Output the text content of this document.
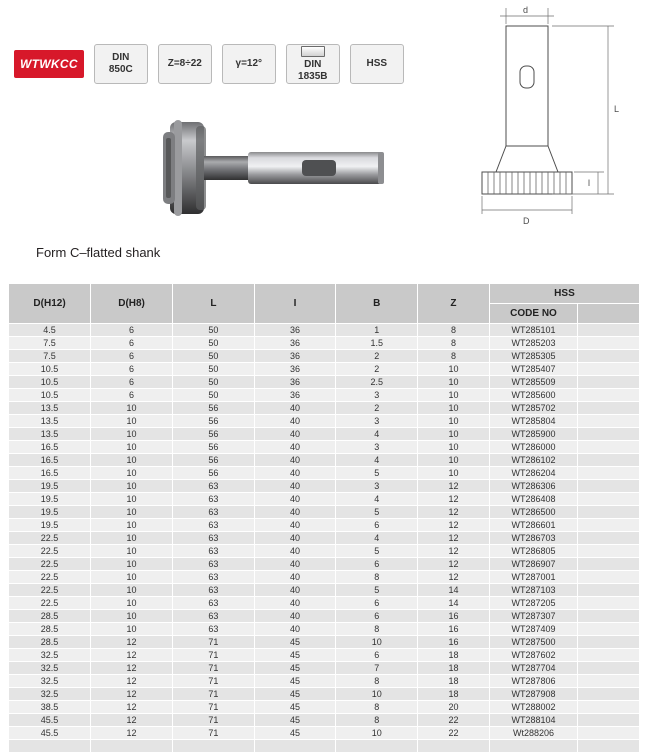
WTWKCC	DIN
850C
Z=8÷22	γ=12°	DIN
1835B
HSS
d
L
l
D
Form C–flatted shank
D(H12)	D(H8)	L	I	B	Z	HSS	
						CODE NO	
4.5	6	50	36	1	8	WT285101	
7.5	6	50	36	1.5	8	WT285203	
7.5	6	50	36	2	8	WT285305	
10.5	6	50	36	2	10	WT285407	
10.5	6	50	36	2.5	10	WT285509	
10.5	6	50	36	3	10	WT285600	
13.5	10	56	40	2	10	WT285702	
13.5	10	56	40	3	10	WT285804	
13.5	10	56	40	4	10	WT285900	
16.5	10	56	40	3	10	WT286000	
16.5	10	56	40	4	10	WT286102	
16.5	10	56	40	5	10	WT286204	
19.5	10	63	40	3	12	WT286306	
19.5	10	63	40	4	12	WT286408	
19.5	10	63	40	5	12	WT286500	
19.5	10	63	40	6	12	WT286601	
22.5	10	63	40	4	12	WT286703	
22.5	10	63	40	5	12	WT286805	
22.5	10	63	40	6	12	WT286907	
22.5	10	63	40	8	12	WT287001	
22.5	10	63	40	5	14	WT287103	
22.5	10	63	40	6	14	WT287205	
28.5	10	63	40	6	16	WT287307	
28.5	10	63	40	8	16	WT287409	
28.5	12	71	45	10	16	WT287500	
32.5	12	71	45	6	18	WT287602	
32.5	12	71	45	7	18	WT287704	
32.5	12	71	45	8	18	WT287806	
32.5	12	71	45	10	18	WT287908	
38.5	12	71	45	8	20	WT288002	
45.5	12	71	45	8	22	WT288104	
45.5	12	71	45	10	22	Wt288206	
